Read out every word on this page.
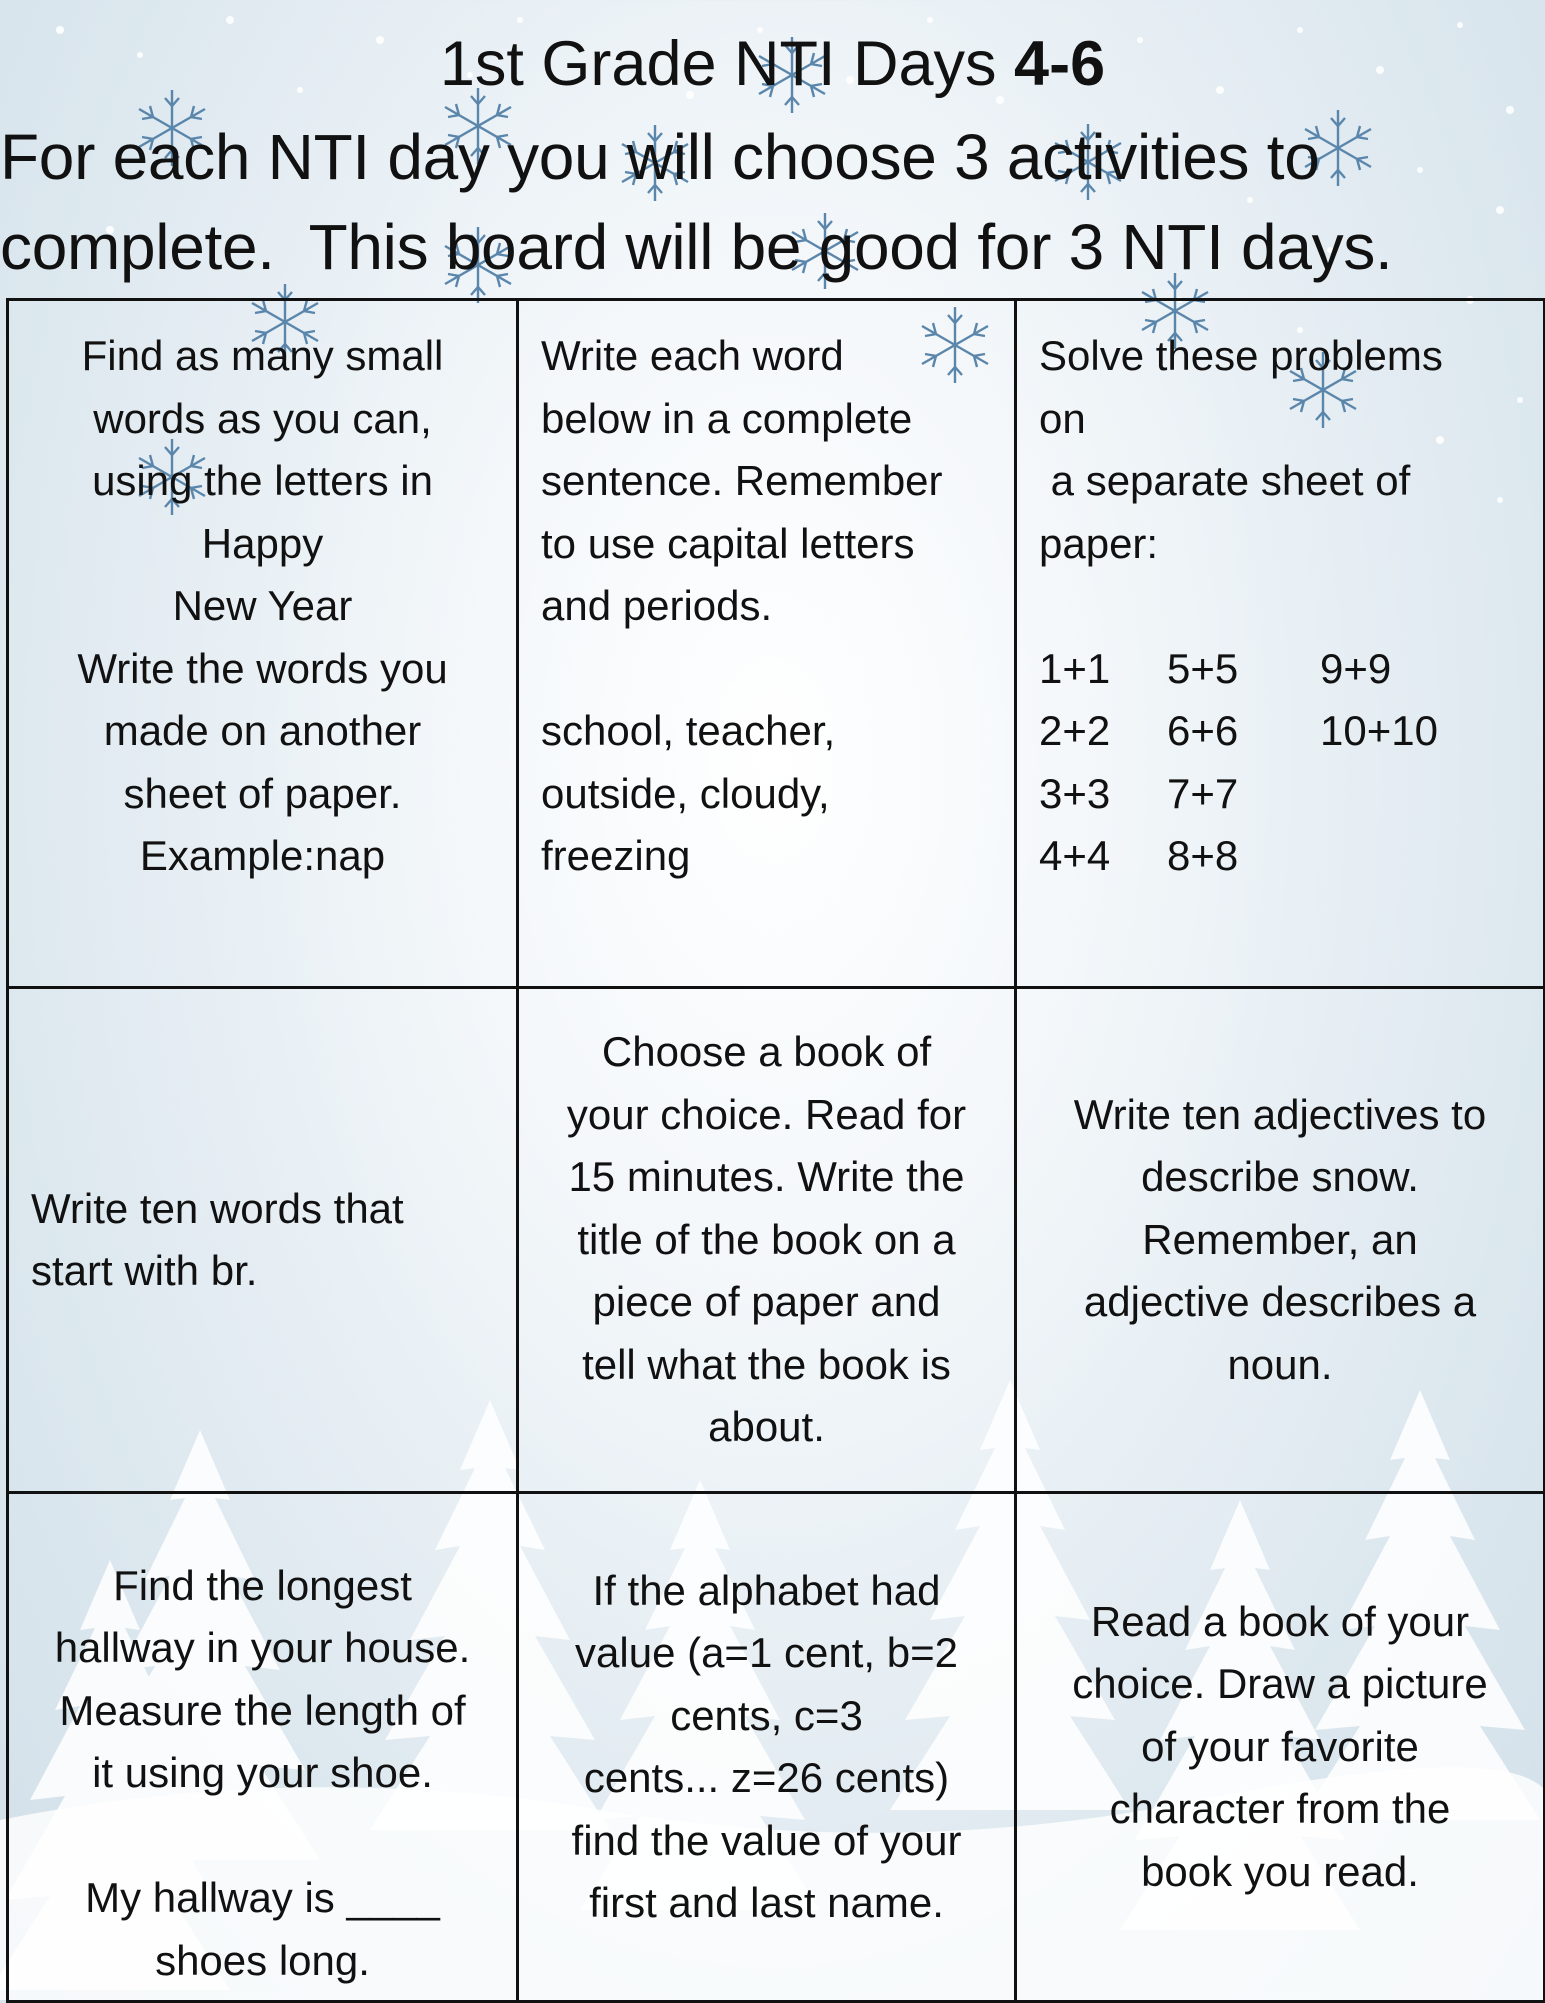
1st Grade NTI Days 4-6
For each NTI day you will choose 3 activities to
complete.  This board will be good for 3 NTI days.
Find as many small
words as you can,
using the letters in
Happy
New Year
Write the words you
made on another
sheet of paper.
Example:nap

Write each word
below in a complete
sentence. Remember
to use capital letters
and periods.

school, teacher,
outside, cloudy,
freezing

Solve these problems
on
a separate sheet of
paper:

1+1	5+5	9+9
2+2	6+6	10+10
3+3	7+7	
4+4	8+8	

Write ten words that
start with br.

Choose a book of
your choice. Read for
15 minutes. Write the
title of the book on a
piece of paper and
tell what the book is
about.

Write ten adjectives to
describe snow.
Remember, an
adjective describes a
noun.

Find the longest
hallway in your house.
Measure the length of
it using your shoe.

My hallway is ____
shoes long.

If the alphabet had
value (a=1 cent, b=2
cents, c=3
cents... z=26 cents)
find the value of your
first and last name.

Read a book of your
choice. Draw a picture
of your favorite
character from the
book you read.
